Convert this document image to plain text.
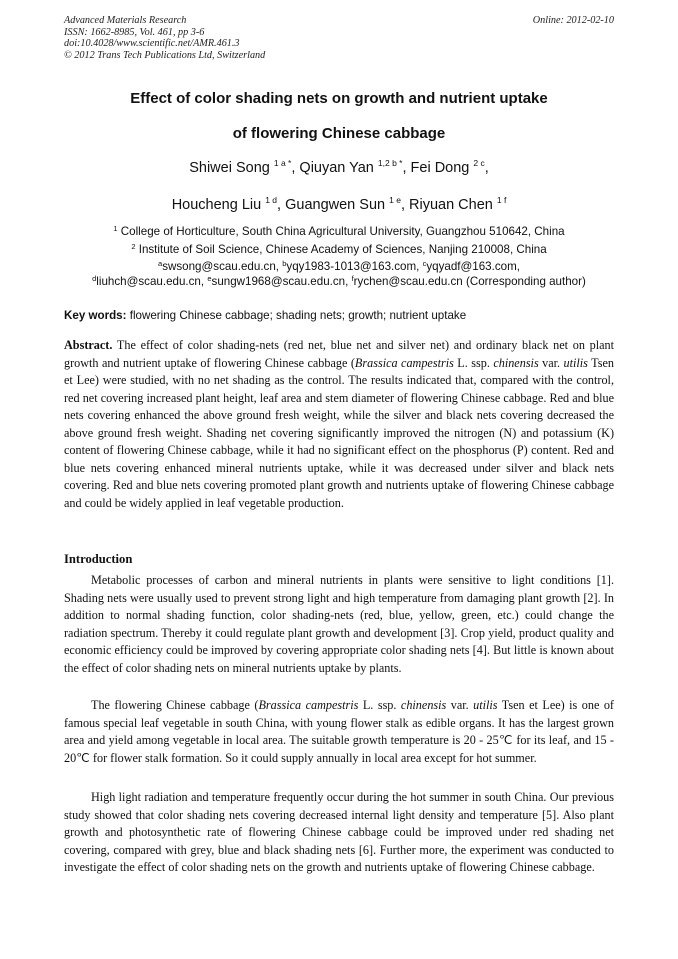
Advanced Materials Research
ISSN: 1662-8985, Vol. 461, pp 3-6
doi:10.4028/www.scientific.net/AMR.461.3
© 2012 Trans Tech Publications Ltd, Switzerland
Online: 2012-02-10
Effect of color shading nets on growth and nutrient uptake
of flowering Chinese cabbage
Shiwei Song $^{1 a *}$, Qiuyan Yan $^{1,2 b *}$, Fei Dong $^{2 c}$,
Houcheng Liu $^{1 d}$, Guangwen Sun $^{1 e}$, Riyuan Chen $^{1 f}$
$^1$ College of Horticulture, South China Agricultural University, Guangzhou 510642, China
$^2$ Institute of Soil Science, Chinese Academy of Sciences, Nanjing 210008, China
$^a$swsong@scau.edu.cn, $^b$yqy1983-1013@163.com, $^c$yqyadf@163.com,
$^d$liuhch@scau.edu.cn, $^e$sungw1968@scau.edu.cn, $^f$rychen@scau.edu.cn (Corresponding author)
Key words: flowering Chinese cabbage; shading nets; growth; nutrient uptake
Abstract. The effect of color shading-nets (red net, blue net and silver net) and ordinary black net on plant growth and nutrient uptake of flowering Chinese cabbage (Brassica campestris L. ssp. chinensis var. utilis Tsen et Lee) were studied, with no net shading as the control. The results indicated that, compared with the control, red net covering increased plant height, leaf area and stem diameter of flowering Chinese cabbage. Red and blue nets covering enhanced the above ground fresh weight, while the silver and black nets covering decreased the above ground fresh weight. Shading net covering significantly improved the nitrogen (N) and potassium (K) content of flowering Chinese cabbage, while it had no significant effect on the phosphorus (P) content. Red and blue nets covering enhanced mineral nutrients uptake, while it was decreased under silver and black nets covering. Red and blue nets covering promoted plant growth and nutrients uptake of flowering Chinese cabbage and could be widely applied in leaf vegetable production.
Introduction
Metabolic processes of carbon and mineral nutrients in plants were sensitive to light conditions [1]. Shading nets were usually used to prevent strong light and high temperature from damaging plant growth [2]. In addition to normal shading function, color shading-nets (red, blue, yellow, green, etc.) could change the radiation spectrum. Thereby it could regulate plant growth and development [3]. Crop yield, product quality and economic efficiency could be improved by covering appropriate color shading nets [4]. But little is known about the effect of color shading nets on mineral nutrients uptake by plants.
The flowering Chinese cabbage (Brassica campestris L. ssp. chinensis var. utilis Tsen et Lee) is one of famous special leaf vegetable in south China, with young flower stalk as edible organs. It has the largest grown area and yield among vegetable in local area. The suitable growth temperature is 20 - 25℃ for its leaf, and 15 - 20℃ for flower stalk formation. So it could supply annually in local area except for hot summer.
High light radiation and temperature frequently occur during the hot summer in south China. Our previous study showed that color shading nets covering decreased internal light density and temperature [5]. Also plant growth and photosynthetic rate of flowering Chinese cabbage could be improved under red shading net covering, compared with grey, blue and black shading nets [6]. Further more, the experiment was conducted to investigate the effect of color shading nets on the growth and nutrients uptake of flowering Chinese cabbage.
